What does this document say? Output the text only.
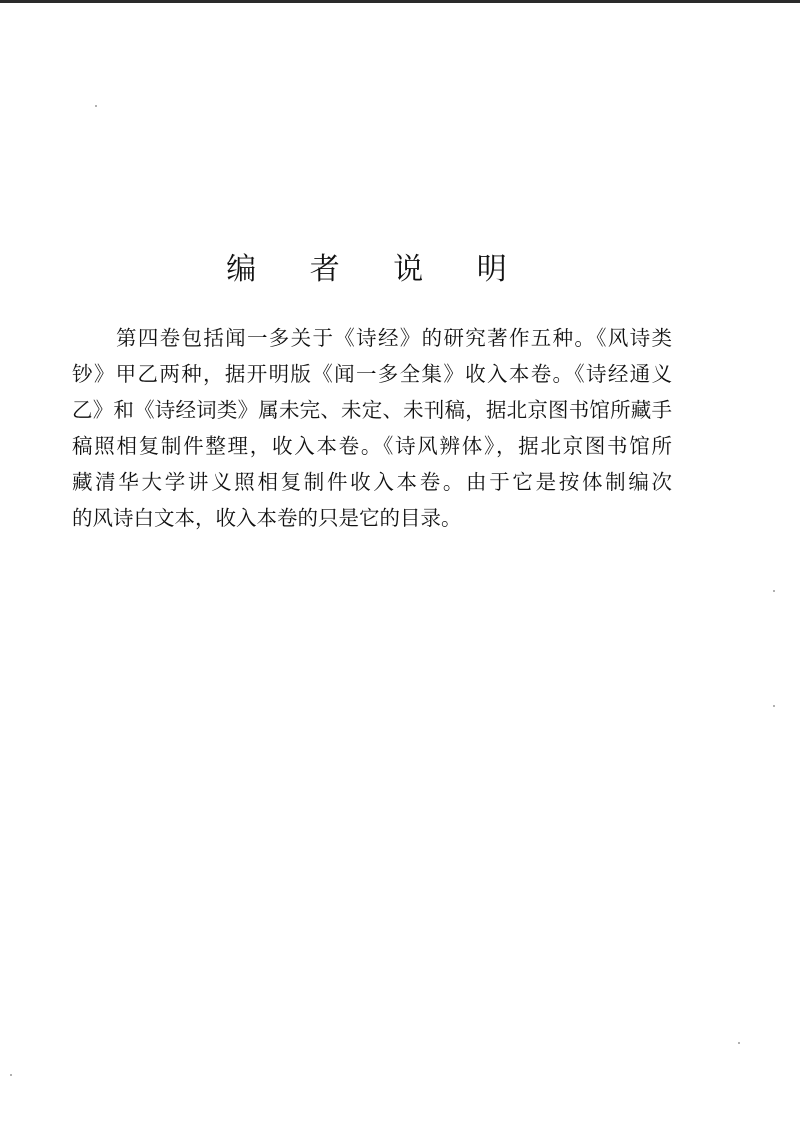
编 者 说 明
第四卷包括闻一多关于《诗经》的研究著作五种。《风诗类
钞》甲乙两种，据开明版《闻一多全集》收入本卷。《诗经通义
乙》和《诗经词类》属未完、未定、未刊稿，据北京图书馆所藏手
稿照相复制件整理，收入本卷。《诗风辨体》，据北京图书馆所
藏清华大学讲义照相复制件收入本卷。由于它是按体制编次
的风诗白文本，收入本卷的只是它的目录。
